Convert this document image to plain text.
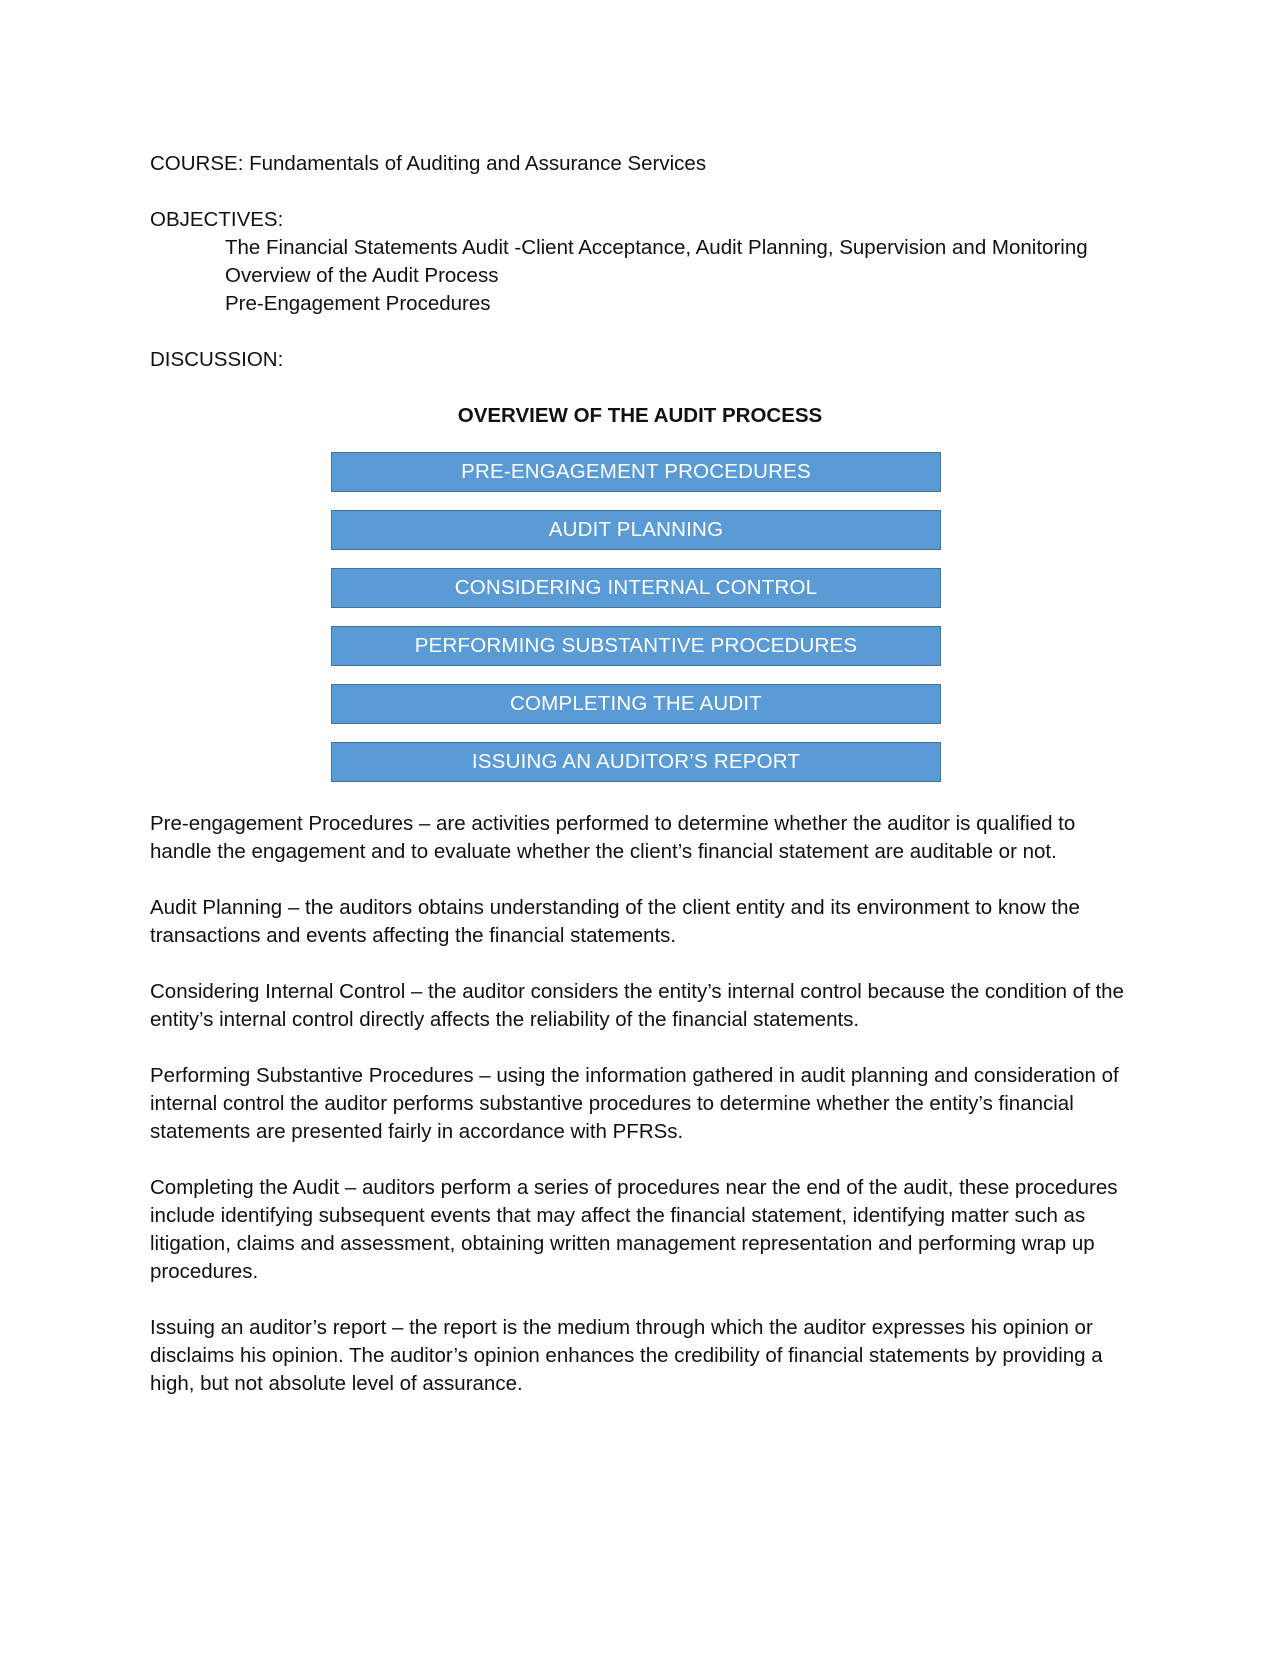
COURSE: Fundamentals of Auditing and Assurance Services

OBJECTIVES:

The Financial Statements Audit -Client Acceptance, Audit Planning, Supervision and Monitoring
Overview of the Audit Process
Pre-Engagement Procedures

DISCUSSION:

OVERVIEW OF THE AUDIT PROCESS

PRE-ENGAGEMENT PROCEDURES
AUDIT PLANNING
CONSIDERING INTERNAL CONTROL
PERFORMING SUBSTANTIVE PROCEDURES
COMPLETING THE AUDIT
ISSUING AN AUDITOR’S REPORT

Pre-engagement Procedures – are activities performed to determine whether the auditor is qualified to handle the engagement and to evaluate whether the client’s financial statement are auditable or not.

Audit Planning – the auditors obtains understanding of the client entity and its environment to know the transactions and events affecting the financial statements.

Considering Internal Control – the auditor considers the entity’s internal control because the condition of the entity’s internal control directly affects the reliability of the financial statements.

Performing Substantive Procedures – using the information gathered in audit planning and consideration of internal control the auditor performs substantive procedures to determine whether the entity’s financial statements are presented fairly in accordance with PFRSs.

Completing the Audit – auditors perform a series of procedures near the end of the audit, these procedures include identifying subsequent events that may affect the financial statement, identifying matter such as litigation, claims and assessment, obtaining written management representation and performing wrap up procedures.

Issuing an auditor’s report – the report is the medium through which the auditor expresses his opinion or disclaims his opinion. The auditor’s opinion enhances the credibility of financial statements by providing a high, but not absolute level of assurance.
